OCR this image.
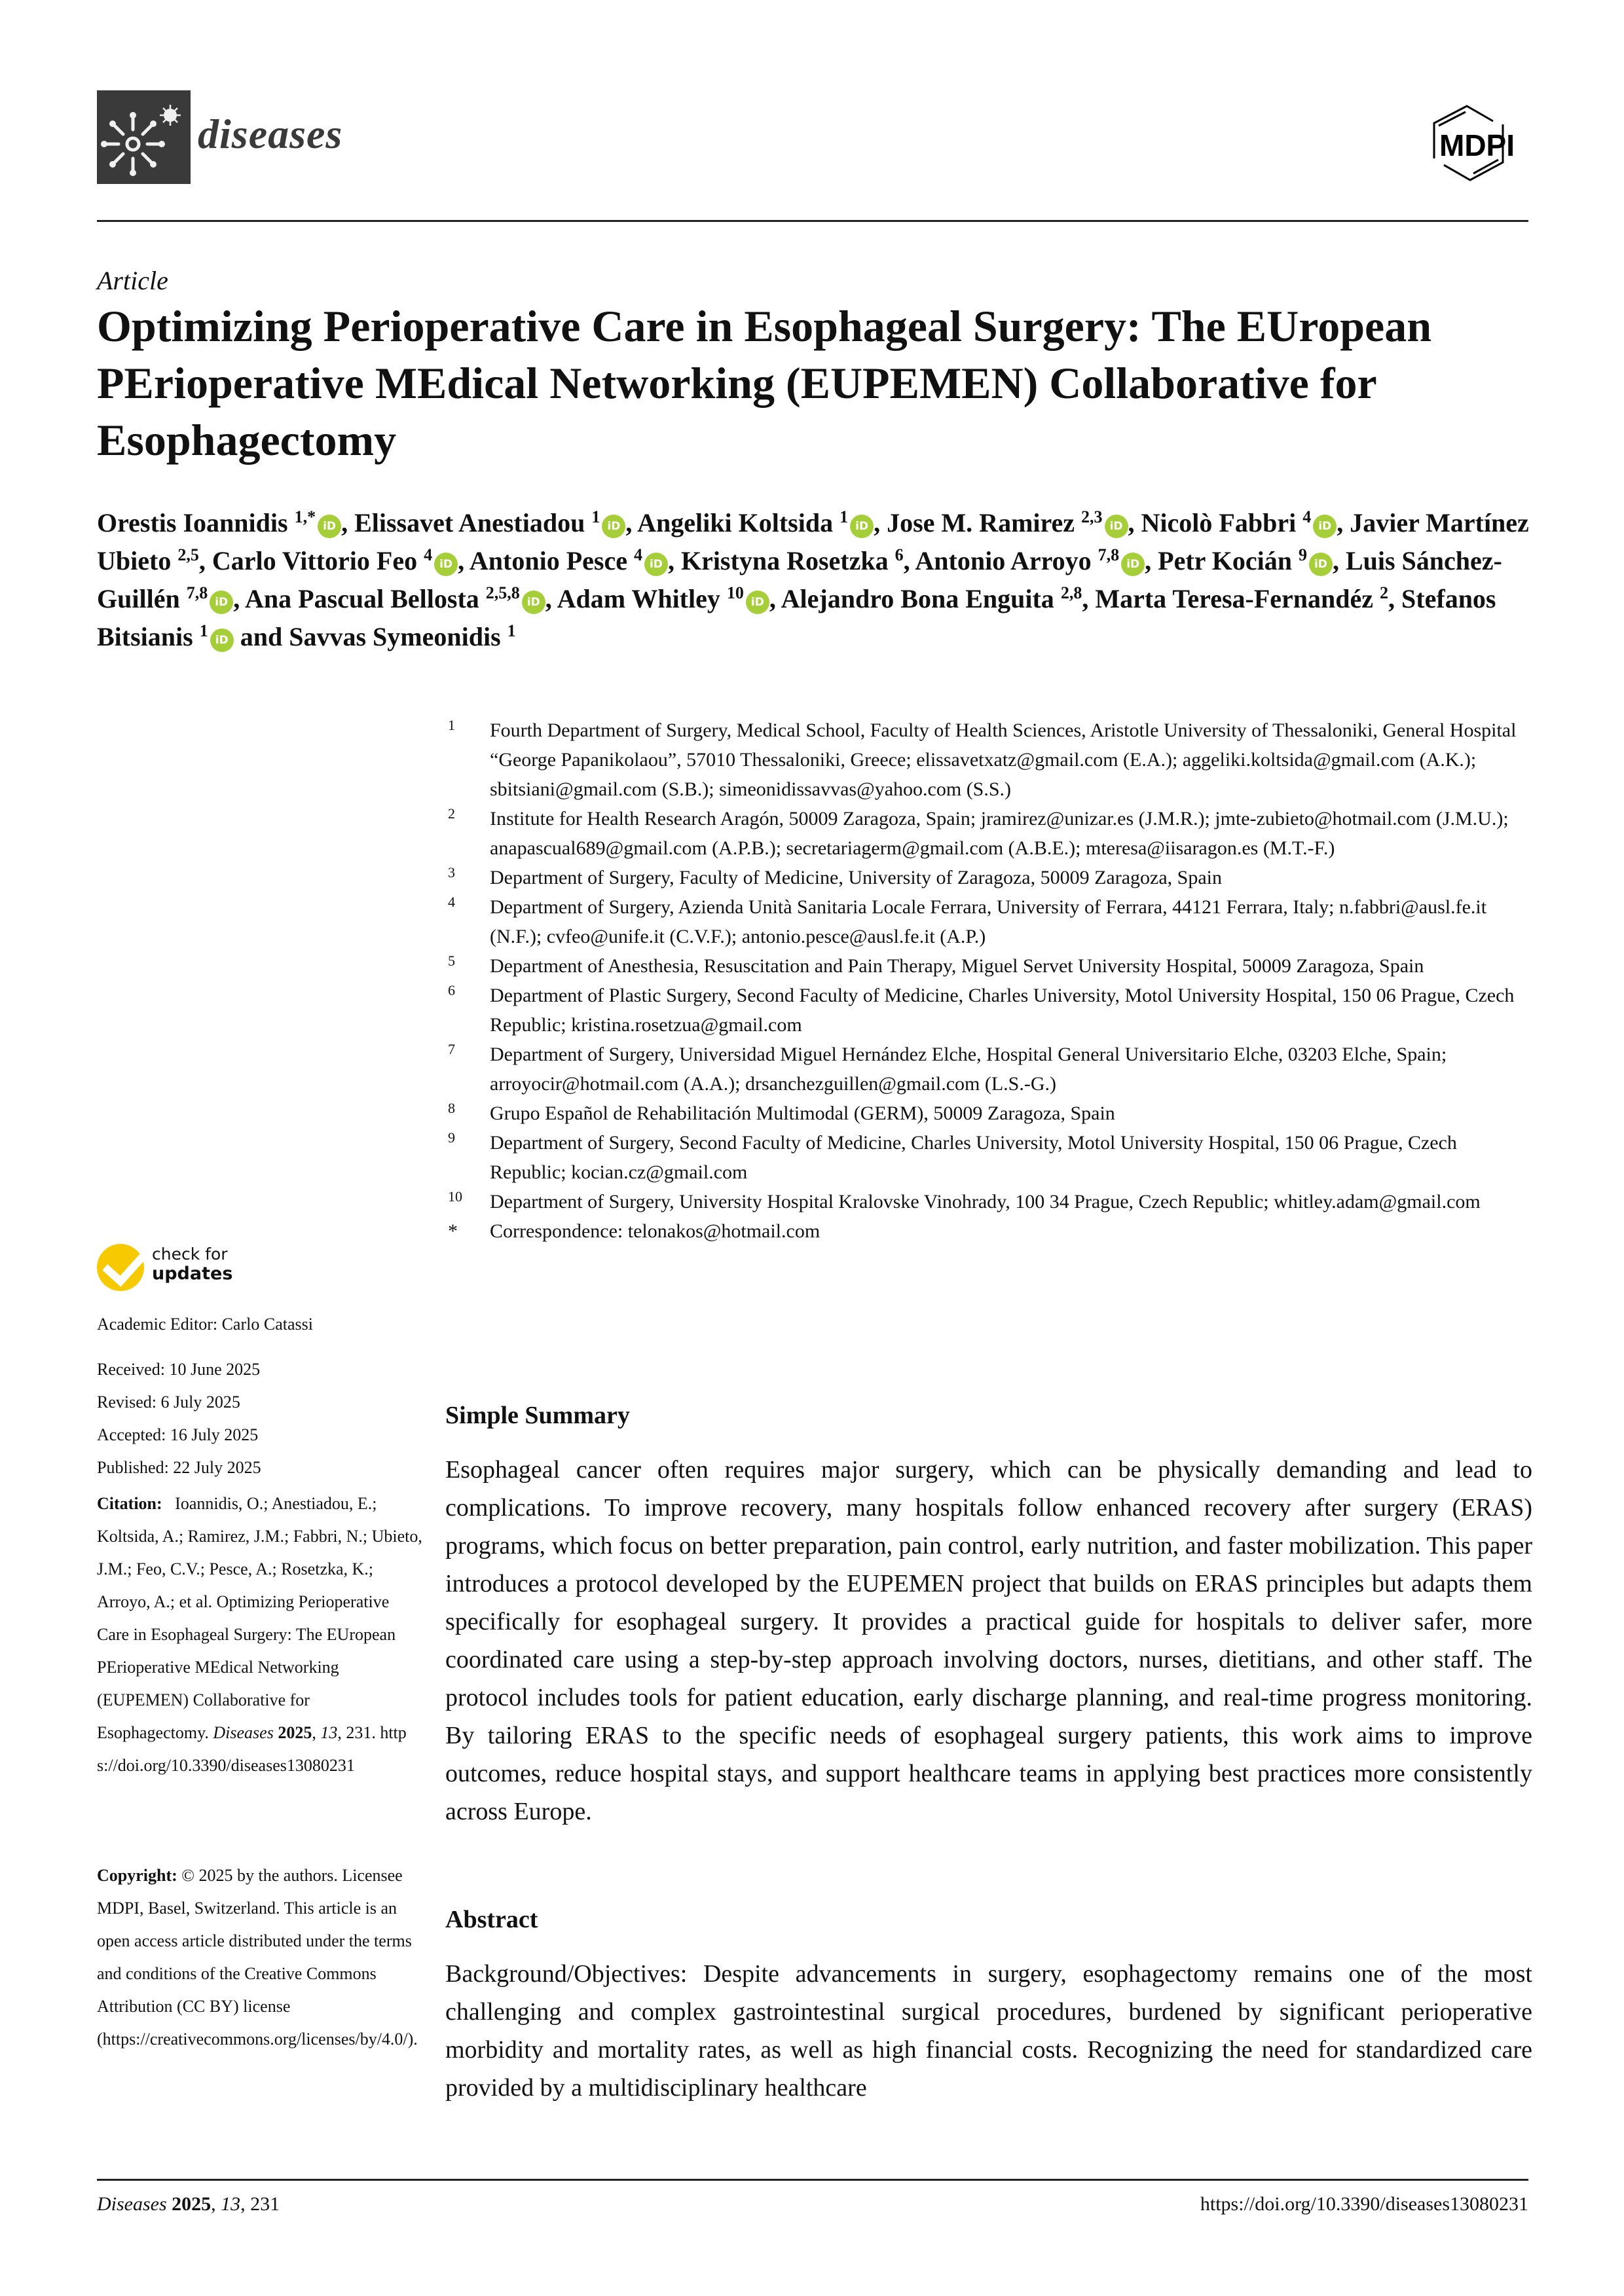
diseases	MDPI
Article
Optimizing Perioperative Care in Esophageal Surgery: The EUropean PErioperative MEdical Networking (EUPEMEN) Collaborative for Esophagectomy
Orestis Ioannidis $^{1,*}$ iD , Elissavet Anestiadou $^1$ iD , Angeliki Koltsida $^1$ iD , Jose M. Ramirez $^{2,3}$ iD , Nicolò Fabbri $^4$ iD , Javier Martínez Ubieto $^{2,5}$, Carlo Vittorio Feo $^4$ iD , Antonio Pesce $^4$ iD , Kristyna Rosetzka $^6$, Antonio Arroyo $^{7,8}$ iD , Petr Kocián $^9$ iD , Luis Sánchez-Guillén $^{7,8}$ iD , Ana Pascual Bellosta $^{2,5,8}$ iD , Adam Whitley $^{10}$ iD , Alejandro Bona Enguita $^{2,8}$, Marta Teresa-Fernandéz $^2$, Stefanos Bitsianis $^1$ iD and Savvas Symeonidis $^1$
1 Fourth Department of Surgery, Medical School, Faculty of Health Sciences, Aristotle University of Thessaloniki, General Hospital “George Papanikolaou”, 57010 Thessaloniki, Greece; elissavetxatz@gmail.com (E.A.); aggeliki.koltsida@gmail.com (A.K.); sbitsiani@gmail.com (S.B.); simeonidissavvas@yahoo.com (S.S.)
2 Institute for Health Research Aragón, 50009 Zaragoza, Spain; jramirez@unizar.es (J.M.R.); jmte-zubieto@hotmail.com (J.M.U.); anapascual689@gmail.com (A.P.B.); secretariagerm@gmail.com (A.B.E.); mteresa@iisaragon.es (M.T.-F.)
3 Department of Surgery, Faculty of Medicine, University of Zaragoza, 50009 Zaragoza, Spain
4 Department of Surgery, Azienda Unità Sanitaria Locale Ferrara, University of Ferrara, 44121 Ferrara, Italy; n.fabbri@ausl.fe.it (N.F.); cvfeo@unife.it (C.V.F.); antonio.pesce@ausl.fe.it (A.P.)
5 Department of Anesthesia, Resuscitation and Pain Therapy, Miguel Servet University Hospital, 50009 Zaragoza, Spain
6 Department of Plastic Surgery, Second Faculty of Medicine, Charles University, Motol University Hospital, 150 06 Prague, Czech Republic; kristina.rosetzua@gmail.com
7 Department of Surgery, Universidad Miguel Hernández Elche, Hospital General Universitario Elche, 03203 Elche, Spain; arroyocir@hotmail.com (A.A.); drsanchezguillen@gmail.com (L.S.-G.)
8 Grupo Español de Rehabilitación Multimodal (GERM), 50009 Zaragoza, Spain
9 Department of Surgery, Second Faculty of Medicine, Charles University, Motol University Hospital, 150 06 Prague, Czech Republic; kocian.cz@gmail.com
10 Department of Surgery, University Hospital Kralovske Vinohrady, 100 34 Prague, Czech Republic; whitley.adam@gmail.com
* Correspondence: telonakos@hotmail.com
check for
updates
Academic Editor: Carlo Catassi
Received: 10 June 2025
Revised: 6 July 2025
Accepted: 16 July 2025
Published: 22 July 2025
Citation: Ioannidis, O.; Anestiadou, E.; Koltsida, A.; Ramirez, J.M.; Fabbri, N.; Ubieto, J.M.; Feo, C.V.; Pesce, A.; Rosetzka, K.; Arroyo, A.; et al. Optimizing Perioperative Care in Esophageal Surgery: The EUropean PErioperative MEdical Networking (EUPEMEN) Collaborative for Esophagectomy. Diseases 2025, 13, 231. https://doi.org/10.3390/diseases13080231
Copyright: © 2025 by the authors. Licensee MDPI, Basel, Switzerland. This article is an open access article distributed under the terms and conditions of the Creative Commons Attribution (CC BY) license (https://creativecommons.org/licenses/by/4.0/).
Simple Summary
Esophageal cancer often requires major surgery, which can be physically demanding and lead to complications. To improve recovery, many hospitals follow enhanced recovery after surgery (ERAS) programs, which focus on better preparation, pain control, early nutrition, and faster mobilization. This paper introduces a protocol developed by the EUPEMEN project that builds on ERAS principles but adapts them specifically for esophageal surgery. It provides a practical guide for hospitals to deliver safer, more coordinated care using a step-by-step approach involving doctors, nurses, dietitians, and other staff. The protocol includes tools for patient education, early discharge planning, and real-time progress monitoring. By tailoring ERAS to the specific needs of esophageal surgery patients, this work aims to improve outcomes, reduce hospital stays, and support healthcare teams in applying best practices more consistently across Europe.
Abstract
Background/Objectives: Despite advancements in surgery, esophagectomy remains one of the most challenging and complex gastrointestinal surgical procedures, burdened by significant perioperative morbidity and mortality rates, as well as high financial costs. Recognizing the need for standardized care provided by a multidisciplinary healthcare
Diseases 2025, 13, 231	https://doi.org/10.3390/diseases13080231
